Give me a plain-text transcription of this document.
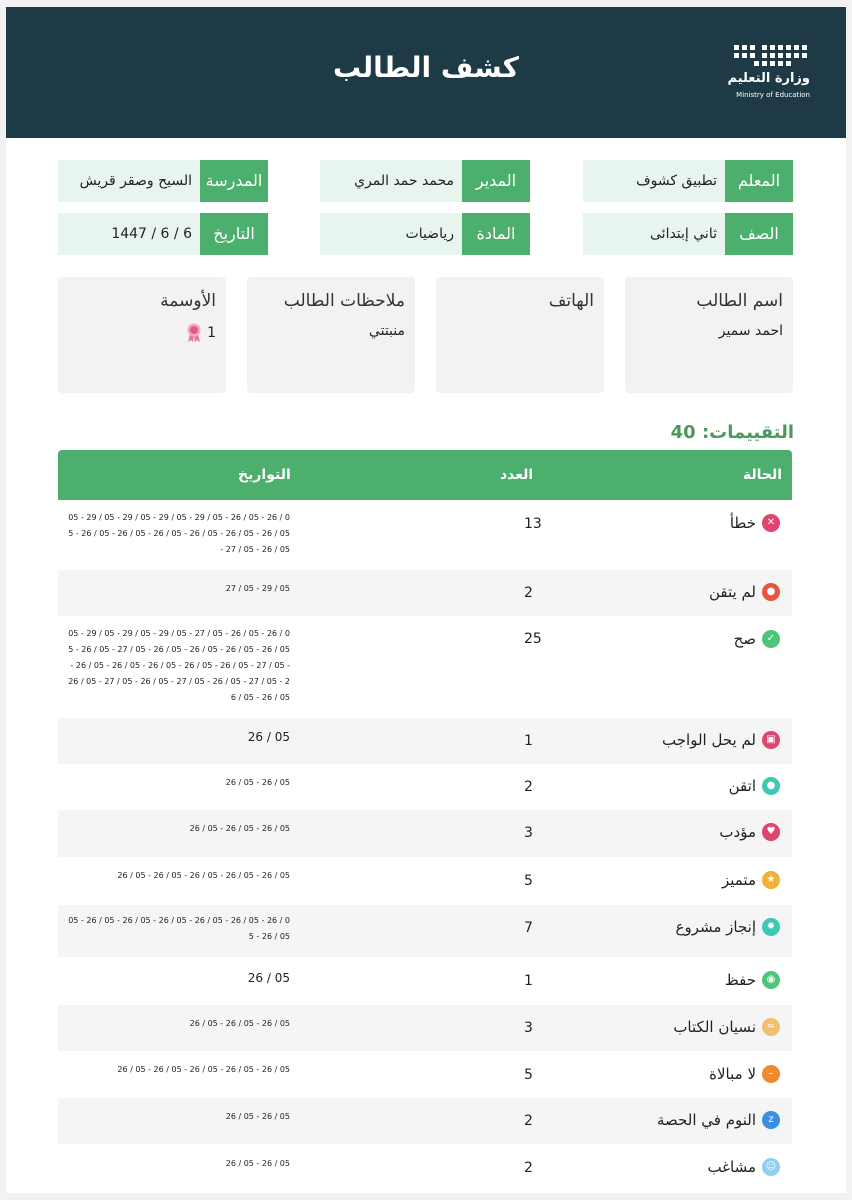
وزارة التعليم
Ministry of Education
كشف الطالب
المعلم
تطبيق كشوف
المدير
محمد حمد المري
المدرسة
السيح وصقر قريش
الصف
ثاني إبتدائى
المادة
رياضيات
التاريخ
1447 / 6 / 6
اسم الطالب
احمد سمير
الهاتف
ملاحظات الطالب
منبتتي
الأوسمة
1
التقييمات: 40
الحالة
العدد
التواريخ
✕
خطأ
13
05 - 29 / 05 - 29 / 05 - 29 / 05 - 29 / 05 - 26 / 05 - 26 / 05 - 26 / 05 - 26 / 05 - 26 / 05 - 26 / 05 - 26 / 05 - 26 / 05 - 27 / 05 - 26 / 05
●
لم يتقن
2
27 / 05 - 29 / 05
✓
صح
25
05 - 29 / 05 - 29 / 05 - 29 / 05 - 27 / 05 - 26 / 05 - 26 / 05 - 26 / 05 - 27 / 05 - 26 / 05 - 26 / 05 - 26 / 05 - 26 / 05 - 26 / 05 - 26 / 05 - 26 / 05 - 26 / 05 - 26 / 05 - 27 / 05 - 26 / 05 - 27 / 05 - 26 / 05 - 27 / 05 - 26 / 05 - 27 / 05 - 26 / 05 - 26 / 05
▣
لم يحل الواجب
1
26 / 05
●
اتقن
2
26 / 05 - 26 / 05
♥
مؤدب
3
26 / 05 - 26 / 05 - 26 / 05
★
متميز
5
26 / 05 - 26 / 05 - 26 / 05 - 26 / 05 - 26 / 05
✹
إنجاز مشروع
7
05 - 26 / 05 - 26 / 05 - 26 / 05 - 26 / 05 - 26 / 05 - 26 / 05 - 26 / 05
◉
حفظ
1
26 / 05
≈
نسيان الكتاب
3
26 / 05 - 26 / 05 - 26 / 05
–
لا مبالاة
5
26 / 05 - 26 / 05 - 26 / 05 - 26 / 05 - 26 / 05
z
النوم في الحصة
2
26 / 05 - 26 / 05
☺
مشاغب
2
26 / 05 - 26 / 05
